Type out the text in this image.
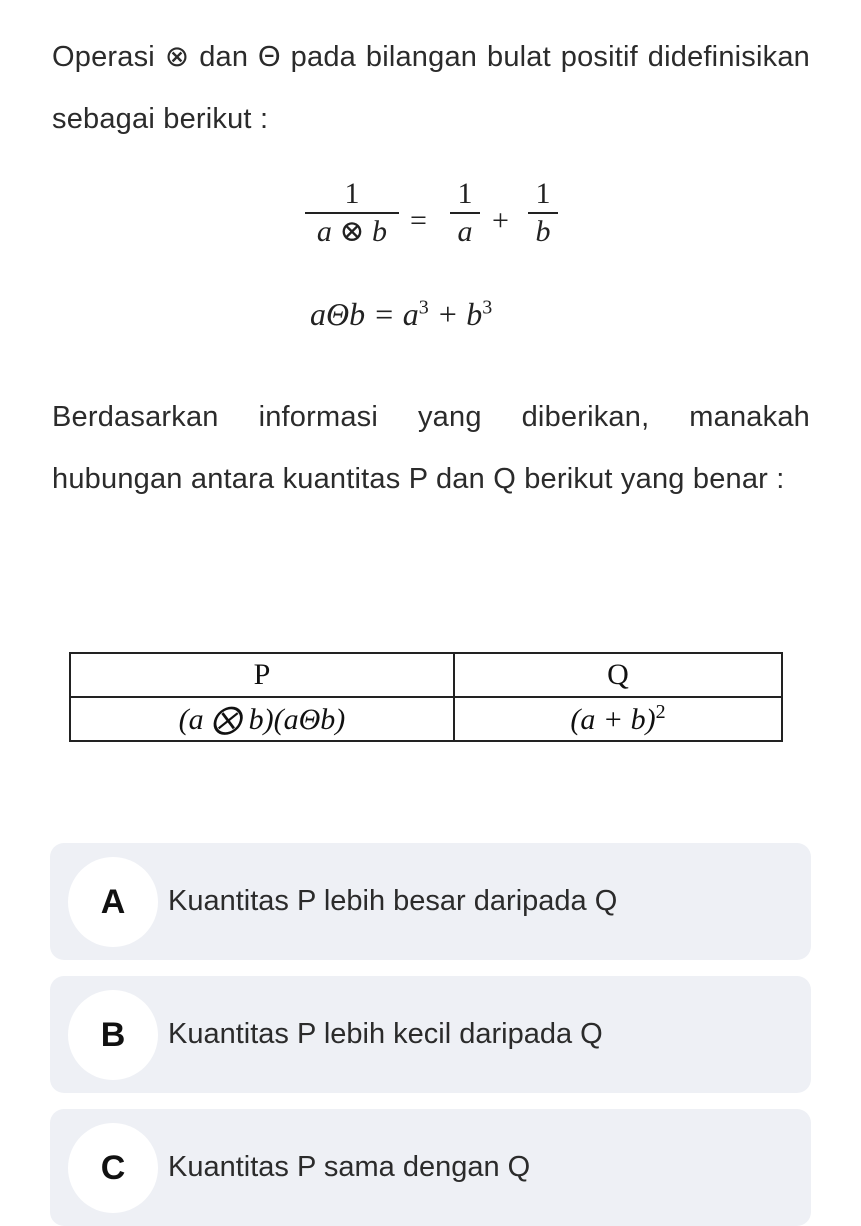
Operasi ⊗ dan Θ pada bilangan bulat positif didefinisikan sebagai berikut :
1
a ⊗ b =
1
a +
1
b
$a\Theta b = a^3 + b^3$
Berdasarkan informasi yang diberikan, manakah hubungan antara kuantitas P dan Q berikut yang benar :
P	Q
(a ⨂ b)(aΘb)	$(a + b)^2$
A	Kuantitas P lebih besar daripada Q
B	Kuantitas P lebih kecil daripada Q
C	Kuantitas P sama dengan Q
